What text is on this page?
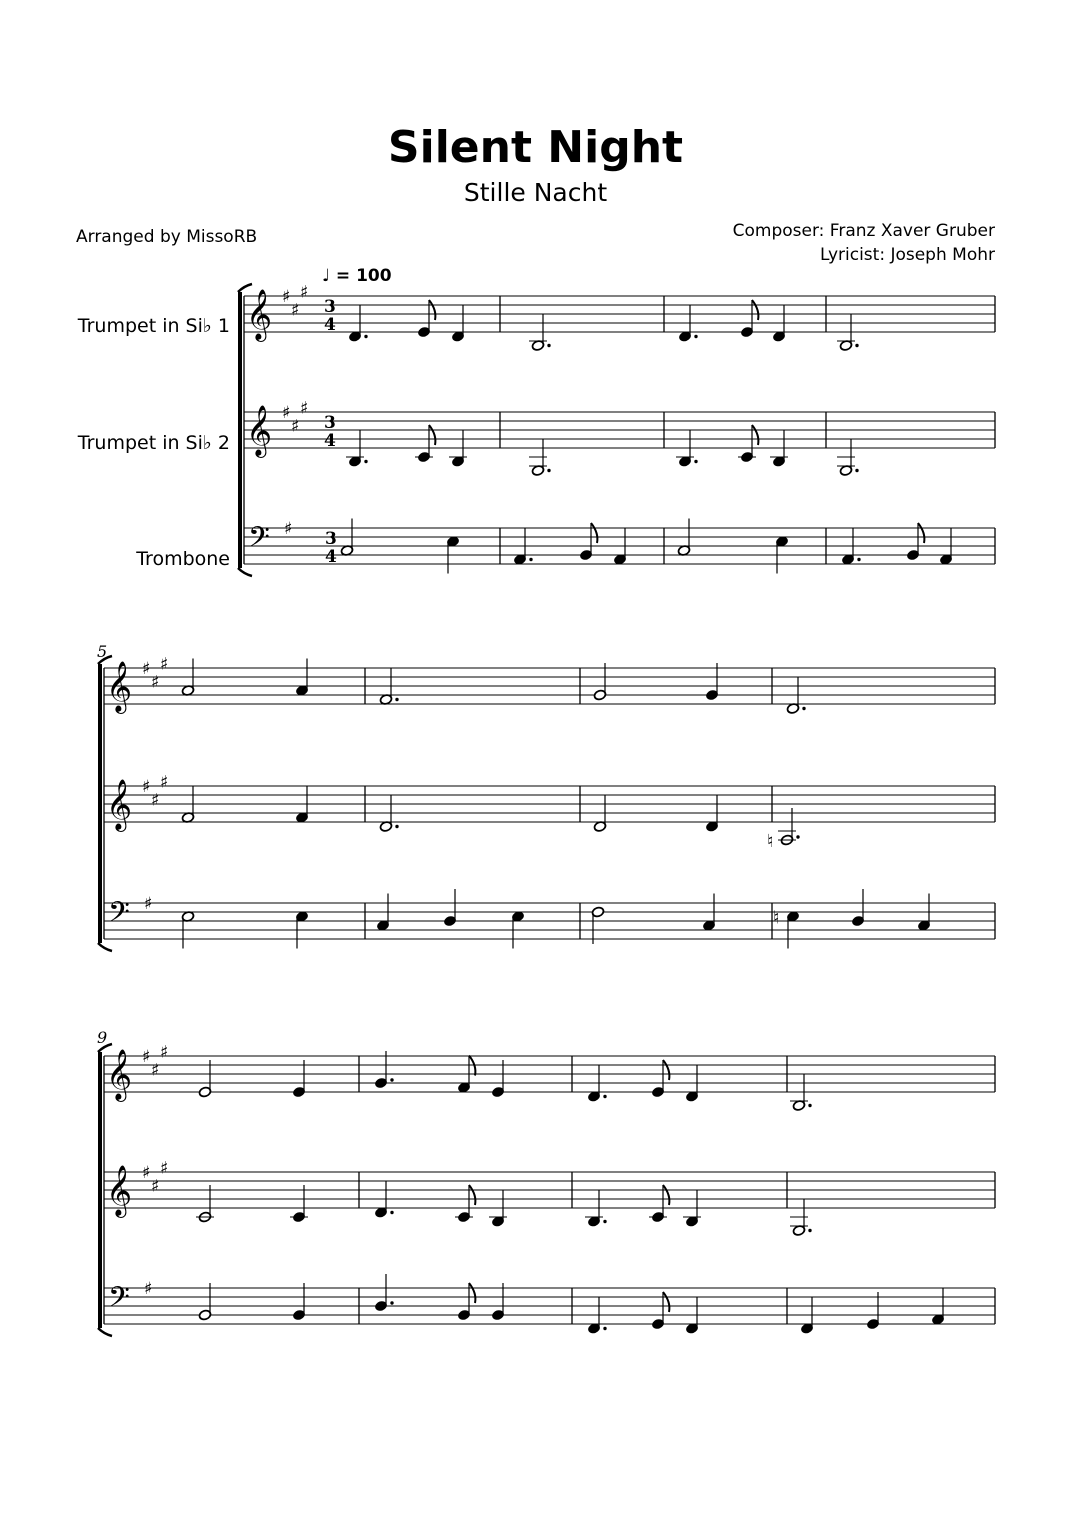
Silent Night
Stille Nacht
Arranged by MissoRB	Composer: Franz Xaver Gruber
Lyricist: Joseph Mohr
♩ = 100
Trumpet in Si♭ 1
Trumpet in Si♭ 2
Trombone
5
9
𝄞 ♯
♯
♯
3
4
𝄞 ♯
♯
♯
3
4
𝄢 ♯ 3
4
𝄞 ♯
♯
♯
𝄞 ♯
♯
♯
♮
𝄢 ♯
♮
𝄞 ♯
♯
♯
𝄞 ♯
♯
♯
𝄢 ♯
